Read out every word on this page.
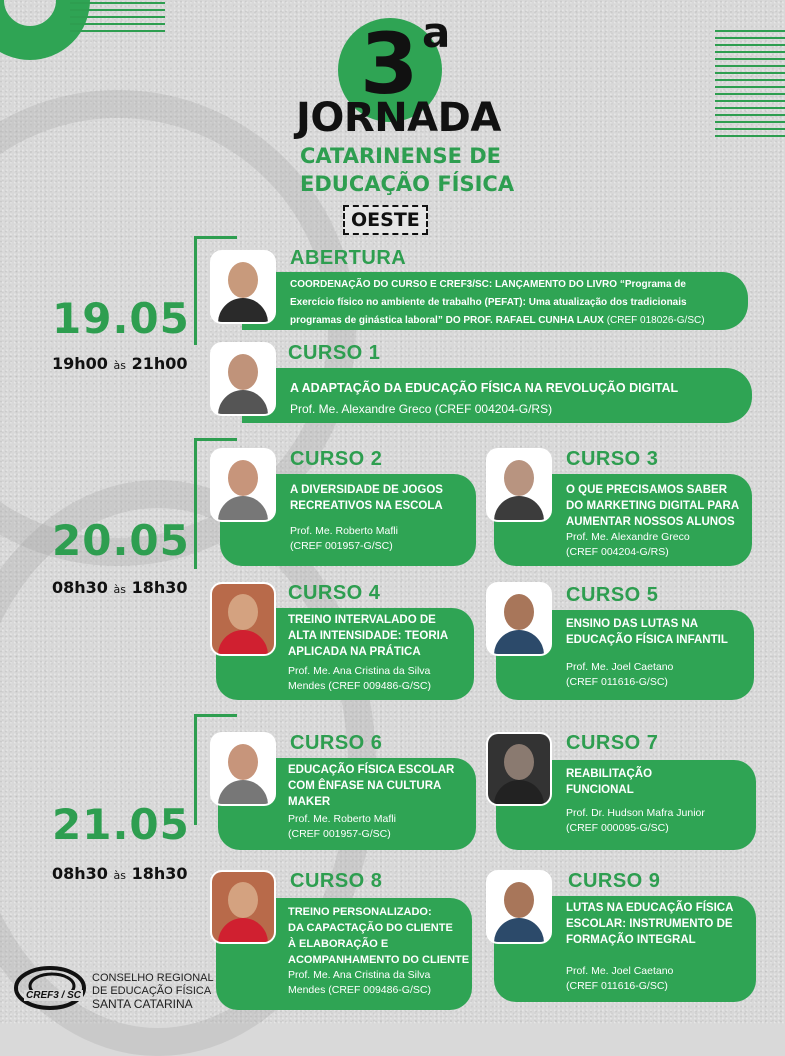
3 a
JORNADA
CATARINENSE DE
EDUCAÇÃO FÍSICA
OESTE
19.05
19h00 às 21h00
ABERTURA
COORDENAÇÃO DO CURSO E CREF3/SC: LANÇAMENTO DO LIVRO “Programa de
Exercício físico no ambiente de trabalho (PEFAT): Uma atualização dos tradicionais
programas de ginástica laboral” DO PROF. RAFAEL CUNHA LAUX (CREF 018026-G/SC)
CURSO 1
A ADAPTAÇÃO DA EDUCAÇÃO FÍSICA NA REVOLUÇÃO DIGITAL
Prof. Me. Alexandre Greco (CREF 004204-G/RS)
20.05
08h30 às 18h30
CURSO 2
A DIVERSIDADE DE JOGOS
RECREATIVOS NA ESCOLA
Prof. Me. Roberto Mafli
(CREF 001957-G/SC)
CURSO 3
O QUE PRECISAMOS SABER
DO MARKETING DIGITAL PARA
AUMENTAR NOSSOS ALUNOS
Prof. Me. Alexandre Greco
(CREF 004204-G/RS)
CURSO 4
TREINO INTERVALADO DE
ALTA INTENSIDADE: TEORIA
APLICADA NA PRÁTICA
Prof. Me. Ana Cristina da Silva
Mendes (CREF 009486-G/SC)
CURSO 5
ENSINO DAS LUTAS NA
EDUCAÇÃO FÍSICA INFANTIL
Prof. Me. Joel Caetano
(CREF 011616-G/SC)
21.05
08h30 às 18h30
CURSO 6
EDUCAÇÃO FÍSICA ESCOLAR
COM ÊNFASE NA CULTURA
MAKER
Prof. Me. Roberto Mafli
(CREF 001957-G/SC)
CURSO 7
REABILITAÇÃO
FUNCIONAL
Prof. Dr. Hudson Mafra Junior
(CREF 000095-G/SC)
CURSO 8
TREINO PERSONALIZADO:
DA CAPACTAÇÃO DO CLIENTE
À ELABORAÇÃO E
ACOMPANHAMENTO DO CLIENTE
Prof. Me. Ana Cristina da Silva
Mendes (CREF 009486-G/SC)
CURSO 9
LUTAS NA EDUCAÇÃO FÍSICA
ESCOLAR: INSTRUMENTO DE
FORMAÇÃO INTEGRAL
Prof. Me. Joel Caetano
(CREF 011616-G/SC)
CREF3 / SC
CONSELHO REGIONAL
DE EDUCAÇÃO FÍSICA
SANTA CATARINA
